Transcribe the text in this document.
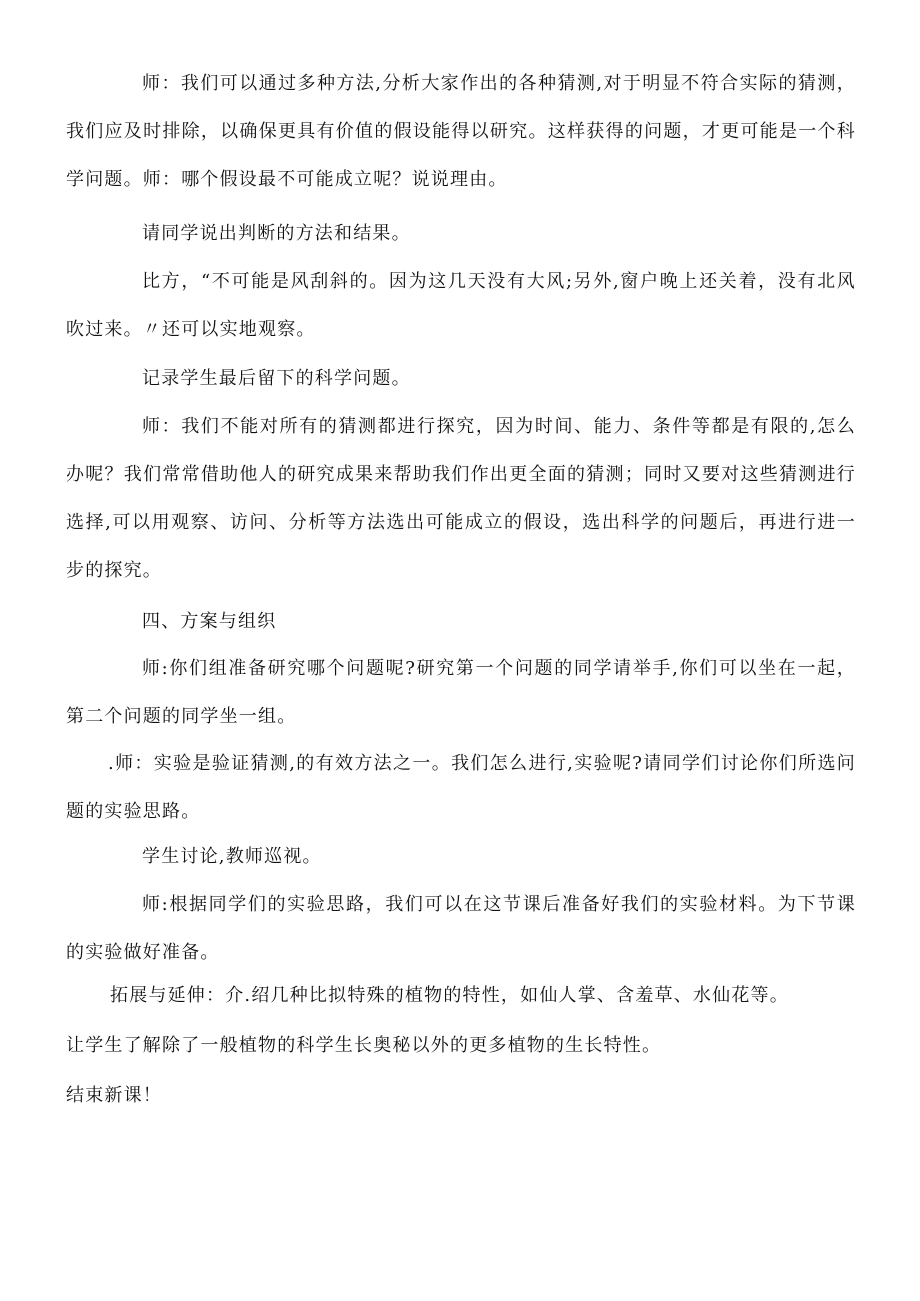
师：我们可以通过多种方法,分析大家作出的各种猜测,对于明显不符合实际的猜测，我们应及时排除，以确保更具有价值的假设能得以研究。这样获得的问题，才更可能是一个科学问题。师：哪个假设最不可能成立呢？说说理由。

请同学说出判断的方法和结果。

比方，“不可能是风刮斜的。因为这几天没有大风;另外,窗户晚上还关着，没有北风吹过来。〃还可以实地观察。

记录学生最后留下的科学问题。

师：我们不能对所有的猜测都进行探究，因为时间、能力、条件等都是有限的,怎么办呢？我们常常借助他人的研究成果来帮助我们作出更全面的猜测；同时又要对这些猜测进行选择,可以用观察、访问、分析等方法选出可能成立的假设，选出科学的问题后，再进行进一步的探究。

四、方案与组织

师:你们组准备研究哪个问题呢?研究第一个问题的同学请举手,你们可以坐在一起，第二个问题的同学坐一组。

.师：实验是验证猜测,的有效方法之一。我们怎么进行,实验呢?请同学们讨论你们所选问题的实验思路。

学生讨论,教师巡视。

师:根据同学们的实验思路，我们可以在这节课后准备好我们的实验材料。为下节课的实验做好准备。

拓展与延伸：介.绍几种比拟特殊的植物的特性，如仙人掌、含羞草、水仙花等。

让学生了解除了一般植物的科学生长奥秘以外的更多植物的生长特性。

结束新课！
